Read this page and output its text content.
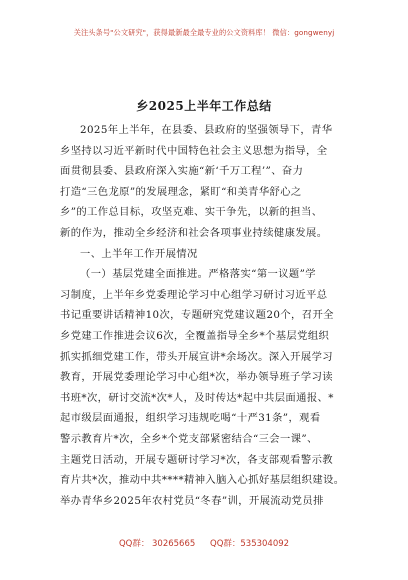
关注头条号"公文研究"，获得最新最全最专业的公文资料库！ 微信：gongwenyj
乡2025上半年工作总结
2025年上半年，在县委、县政府的坚强领导下，青华
乡坚持以习近平新时代中国特色社会主义思想为指导，全
面贯彻县委、县政府深入实施“新‘千万工程’”、奋力
打造“三色龙原”的发展理念，紧盯“和美青华舒心之
乡”的工作总目标，攻坚克难、实干争先，以新的担当、
新的作为，推动全乡经济和社会各项事业持续健康发展。
一、上半年工作开展情况
（一）基层党建全面推进。严格落实“第一议题”学
习制度，上半年乡党委理论学习中心组学习研讨习近平总
书记重要讲话精神10次，专题研究党建议题20个，召开全
乡党建工作推进会议6次，全覆盖指导全乡*个基层党组织
抓实抓细党建工作，带头开展宣讲*余场次。深入开展学习
教育，开展党委理论学习中心组*次，举办领导班子学习读
书班*次，研讨交流*次*人，及时传达*起中共层面通报、*
起市级层面通报，组织学习违规吃喝“十严31条”，观看
警示教育片*次，全乡*个党支部紧密结合“三会一课”、
主题党日活动，开展专题研讨学习*次，各支部观看警示教
育片共*次，推动中共****精神入脑入心抓好基层组织建设。
举办青华乡2025年农村党员“冬春”训，开展流动党员排
QQ群： 30265665 QQ群：535304092
